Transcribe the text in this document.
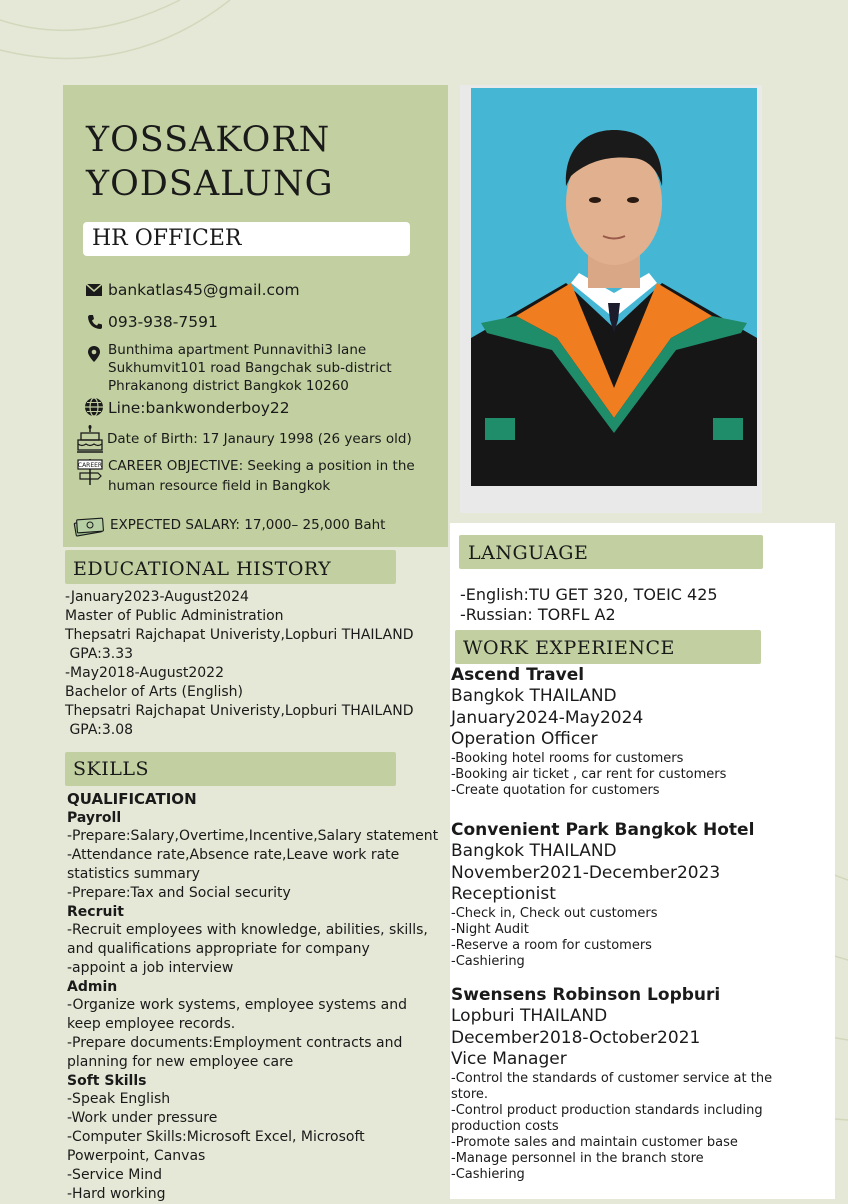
YOSSAKORN
YODSALUNG
HR OFFICER
bankatlas45@gmail.com
093-938-7591
Bunthima apartment Punnavithi3 lane
Sukhumvit101 road Bangchak sub-district
Phrakanong district Bangkok 10260
Line:bankwonderboy22
Date of Birth: 17 Janaury 1998 (26 years old)
CAREER CAREER OBJECTIVE: Seeking a position in the
human resource field in Bangkok
EXPECTED SALARY: 17,000– 25,000 Baht
EDUCATIONAL HISTORY
-January2023-August2024
Master of Public Administration
Thepsatri Rajchapat Univeristy,Lopburi THAILAND
GPA:3.33
-May2018-August2022
Bachelor of Arts (English)
Thepsatri Rajchapat Univeristy,Lopburi THAILAND
GPA:3.08
SKILLS
QUALIFICATION
Payroll
-Prepare:Salary,Overtime,Incentive,Salary statement
-Attendance rate,Absence rate,Leave work rate
statistics summary
-Prepare:Tax and Social security
Recruit
-Recruit employees with knowledge, abilities, skills,
and qualifications appropriate for company
-appoint a job interview
Admin
-Organize work systems, employee systems and
keep employee records.
-Prepare documents:Employment contracts and
planning for new employee care
Soft Skills
-Speak English
-Work under pressure
-Computer Skills:Microsoft Excel, Microsoft
Powerpoint, Canvas
-Service Mind
-Hard working
LANGUAGE
-English:TU GET 320, TOEIC 425
-Russian: TORFL A2
WORK EXPERIENCE
Ascend Travel
Bangkok THAILAND
January2024-May2024
Operation Officer
-Booking hotel rooms for customers
-Booking air ticket , car rent for customers
-Create quotation for customers
Convenient Park Bangkok Hotel
Bangkok THAILAND
November2021-December2023
Receptionist
-Check in, Check out customers
-Night Audit
-Reserve a room for customers
-Cashiering
Swensens Robinson Lopburi
Lopburi THAILAND
December2018-October2021
Vice Manager
-Control the standards of customer service at the
store.
-Control product production standards including
production costs
-Promote sales and maintain customer base
-Manage personnel in the branch store
-Cashiering
